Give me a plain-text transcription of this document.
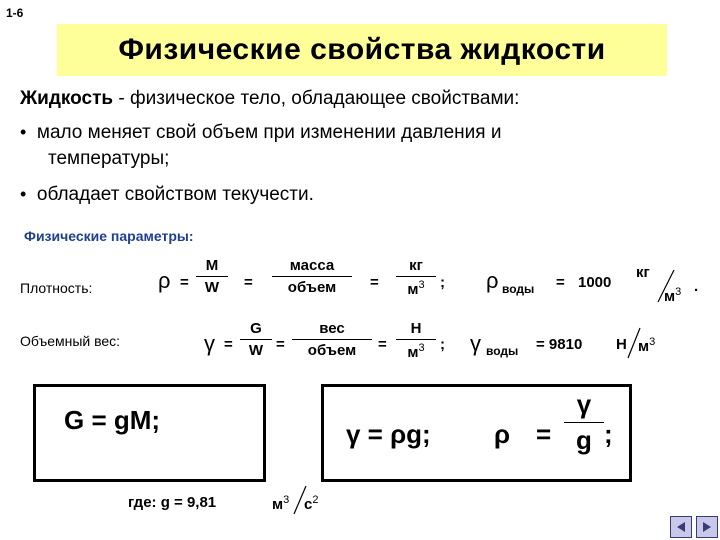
1-6
Физические свойства жидкости
Жидкость - физическое тело, обладающее свойствами:
• мало меняет свой объем при изменении давления и
температуры;
• обладает свойством текучести.
Физические параметры:
Плотность:	ρ =
M
W	=
масса
объем	=
кг
$м^3$	; ρ воды = 1000
кг
$м^3$ .
Объемный вес:	γ =
G
W =
вес
объем	=
Н
$м^3$	; γ воды = 9810 Н $м^3$
G = gM;	γ = ρg; ρ =
γ
g ;
где: g = 9,81	$м^3$ $с^2$
